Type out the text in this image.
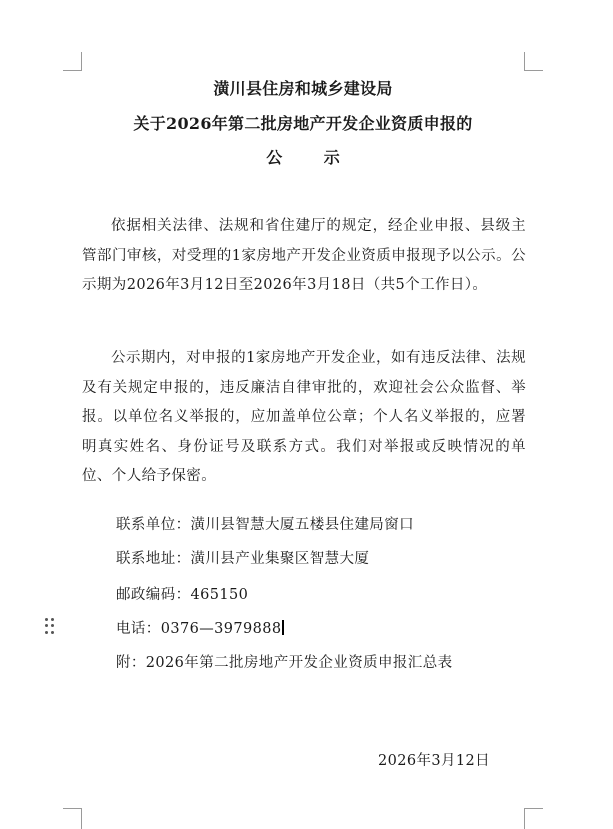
潢川县住房和城乡建设局
关于2026年第二批房地产开发企业资质申报的
公 示
依据相关法律、法规和省住建厅的规定，经企业申报、县级主管部门审核，对受理的1家房地产开发企业资质申报现予以公示。公示期为2026年3月12日至2026年3月18日（共5个工作日）。
公示期内，对申报的1家房地产开发企业，如有违反法律、法规及有关规定申报的，违反廉洁自律审批的，欢迎社会公众监督、举报。以单位名义举报的，应加盖单位公章；个人名义举报的，应署明真实姓名、身份证号及联系方式。我们对举报或反映情况的单位、个人给予保密。
联系单位：潢川县智慧大厦五楼县住建局窗口
联系地址：潢川县产业集聚区智慧大厦
邮政编码：465150
电话：0376—3979888
附：2026年第二批房地产开发企业资质申报汇总表
2026年3月12日
